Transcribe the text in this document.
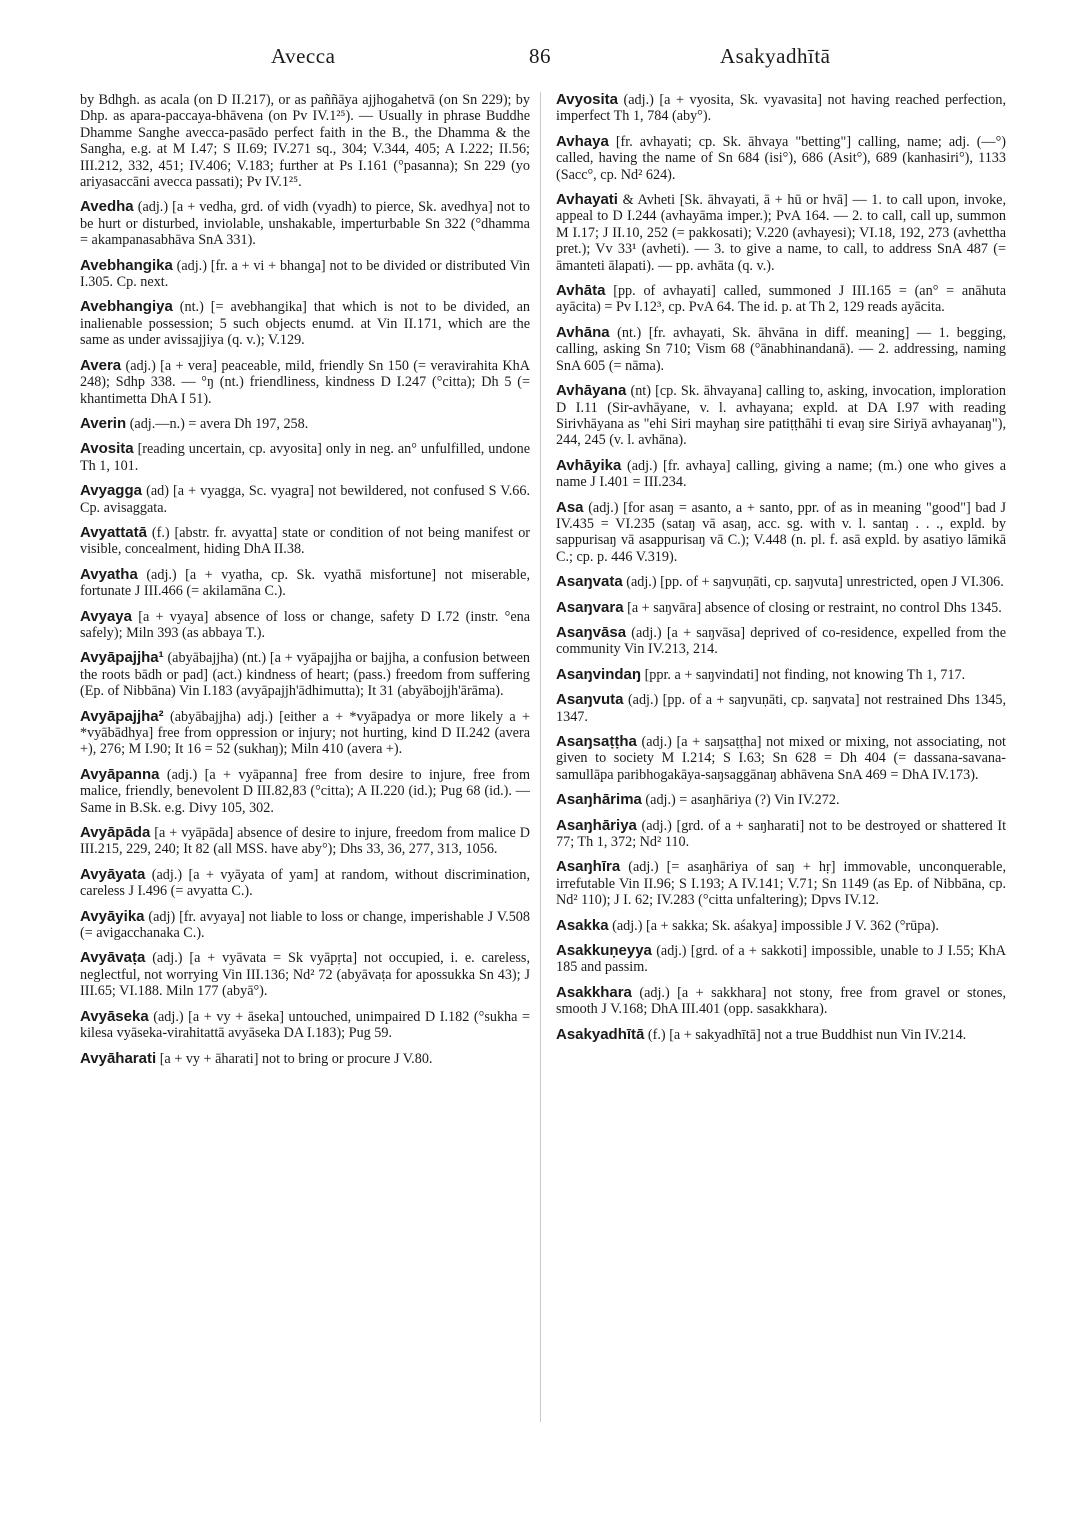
Avecca	86	Asakyadhītā

by Bdhgh. as acala (on D II.217), or as paññāya ajjhogahetvā (on Sn 229); by Dhp. as apara-paccaya-bhāvena (on Pv IV.1²⁵). — Usually in phrase Buddhe Dhamme Sanghe avecca-pasādo perfect faith in the B., the Dhamma & the Sangha, e.g. at M I.47; S II.69; IV.271 sq., 304; V.344, 405; A I.222; II.56; III.212, 332, 451; IV.406; V.183; further at Ps I.161 (°pasanna); Sn 229 (yo ariyasaccāni avecca passati); Pv IV.1²⁵.

Avedha (adj.) [a + vedha, grd. of vidh (vyadh) to pierce, Sk. avedhya] not to be hurt or disturbed, inviolable, unshakable, imperturbable Sn 322 (°dhamma = akampanasabhāva SnA 331).

Avebhangika (adj.) [fr. a + vi + bhanga] not to be divided or distributed Vin I.305. Cp. next.

Avebhangiya (nt.) [= avebhangika] that which is not to be divided, an inalienable possession; 5 such objects enumd. at Vin II.171, which are the same as under avissajjiya (q. v.); V.129.

Avera (adj.) [a + vera] peaceable, mild, friendly Sn 150 (= veravirahita KhA 248); Sdhp 338. — °ŋ (nt.) friendliness, kindness D I.247 (°citta); Dh 5 (= khantimetta DhA I 51).

Averin (adj.—n.) = avera Dh 197, 258.

Avosita [reading uncertain, cp. avyosita] only in neg. an° unfulfilled, undone Th 1, 101.

Avyagga (ad) [a + vyagga, Sc. vyagra] not bewildered, not confused S V.66. Cp. avisaggata.

Avyattatā (f.) [abstr. fr. avyatta] state or condition of not being manifest or visible, concealment, hiding DhA II.38.

Avyatha (adj.) [a + vyatha, cp. Sk. vyathā misfortune] not miserable, fortunate J III.466 (= akilamāna C.).

Avyaya [a + vyaya] absence of loss or change, safety D I.72 (instr. °ena safely); Miln 393 (as abbaya T.).

Avyāpajjha¹ (abyābajjha) (nt.) [a + vyāpajjha or bajjha, a confusion between the roots bādh or pad] (act.) kindness of heart; (pass.) freedom from suffering (Ep. of Nibbāna) Vin I.183 (avyāpajjh'ādhimutta); It 31 (abyābojjh'ārāma).

Avyāpajjha² (abyābajjha) adj.) [either a + *vyāpadya or more likely a + *vyābādhya] free from oppression or injury; not hurting, kind D II.242 (avera +), 276; M I.90; It 16 = 52 (sukhaŋ); Miln 410 (avera +).

Avyāpanna (adj.) [a + vyāpanna] free from desire to injure, free from malice, friendly, benevolent D III.82,83 (°citta); A II.220 (id.); Pug 68 (id.). — Same in B.Sk. e.g. Divy 105, 302.

Avyāpāda [a + vyāpāda] absence of desire to injure, freedom from malice D III.215, 229, 240; It 82 (all MSS. have aby°); Dhs 33, 36, 277, 313, 1056.

Avyāyata (adj.) [a + vyāyata of yam] at random, without discrimination, careless J I.496 (= avyatta C.).

Avyāyika (adj) [fr. avyaya] not liable to loss or change, imperishable J V.508 (= avigacchanaka C.).

Avyāvaṭa (adj.) [a + vyāvata = Sk vyāpṛta] not occupied, i. e. careless, neglectful, not worrying Vin III.136; Nd² 72 (abyāvaṭa for apossukka Sn 43); J III.65; VI.188. Miln 177 (abyā°).

Avyāseka (adj.) [a + vy + āseka] untouched, unimpaired D I.182 (°sukha = kilesa vyāseka-virahitattā avyāseka DA I.183); Pug 59.

Avyāharati [a + vy + āharati] not to bring or procure J V.80.

Avyosita (adj.) [a + vyosita, Sk. vyavasita] not having reached perfection, imperfect Th 1, 784 (aby°).

Avhaya [fr. avhayati; cp. Sk. āhvaya "betting"] calling, name; adj. (—°) called, having the name of Sn 684 (isi°), 686 (Asit°), 689 (kanhasiri°), 1133 (Sacc°, cp. Nd² 624).

Avhayati & Avheti [Sk. āhvayati, ā + hū or hvā] — 1. to call upon, invoke, appeal to D I.244 (avhayāma imper.); PvA 164. — 2. to call, call up, summon M I.17; J II.10, 252 (= pakkosati); V.220 (avhayesi); VI.18, 192, 273 (avhettha pret.); Vv 33¹ (avheti). — 3. to give a name, to call, to address SnA 487 (= āmanteti ālapati). — pp. avhāta (q. v.).

Avhāta [pp. of avhayati] called, summoned J III.165 = (an° = anāhuta ayācita) = Pv I.12³, cp. PvA 64. The id. p. at Th 2, 129 reads ayācita.

Avhāna (nt.) [fr. avhayati, Sk. āhvāna in diff. meaning] — 1. begging, calling, asking Sn 710; Vism 68 (°ānabhinandanā). — 2. addressing, naming SnA 605 (= nāma).

Avhāyana (nt) [cp. Sk. āhvayana] calling to, asking, invocation, imploration D I.11 (Sir-avhāyane, v. l. avhayana; expld. at DA I.97 with reading Sirivhāyana as "ehi Siri mayhaŋ sire patiṭṭhāhi ti evaŋ sire Siriyā avhayanaŋ"), 244, 245 (v. l. avhāna).

Avhāyika (adj.) [fr. avhaya] calling, giving a name; (m.) one who gives a name J I.401 = III.234.

Asa (adj.) [for asaŋ = asanto, a + santo, ppr. of as in meaning "good"] bad J IV.435 = VI.235 (sataŋ vā asaŋ, acc. sg. with v. l. santaŋ . . ., expld. by sappurisaŋ vā asappurisaŋ vā C.); V.448 (n. pl. f. asā expld. by asatiyo lāmikā C.; cp. p. 446 V.319).

Asaŋvata (adj.) [pp. of + saŋvuṇāti, cp. saŋvuta] unrestricted, open J VI.306.

Asaŋvara [a + saŋvāra] absence of closing or restraint, no control Dhs 1345.

Asaŋvāsa (adj.) [a + saŋvāsa] deprived of co-residence, expelled from the community Vin IV.213, 214.

Asaŋvindaŋ [ppr. a + saŋvindati] not finding, not knowing Th 1, 717.

Asaŋvuta (adj.) [pp. of a + saŋvuṇāti, cp. saŋvata] not restrained Dhs 1345, 1347.

Asaŋsaṭṭha (adj.) [a + saŋsaṭṭha] not mixed or mixing, not associating, not given to society M I.214; S I.63; Sn 628 = Dh 404 (= dassana-savana-samullāpa paribhogakāya-saŋsaggānaŋ abhāvena SnA 469 = DhA IV.173).

Asaŋhārima (adj.) = asaŋhāriya (?) Vin IV.272.

Asaŋhāriya (adj.) [grd. of a + saŋharati] not to be destroyed or shattered It 77; Th 1, 372; Nd² 110.

Asaŋhīra (adj.) [= asaŋhāriya of saŋ + hṛ] immovable, unconquerable, irrefutable Vin II.96; S I.193; A IV.141; V.71; Sn 1149 (as Ep. of Nibbāna, cp. Nd² 110); J I. 62; IV.283 (°citta unfaltering); Dpvs IV.12.

Asakka (adj.) [a + sakka; Sk. aśakya] impossible J V. 362 (°rūpa).

Asakkuṇeyya (adj.) [grd. of a + sakkoti] impossible, unable to J I.55; KhA 185 and passim.

Asakkhara (adj.) [a + sakkhara] not stony, free from gravel or stones, smooth J V.168; DhA III.401 (opp. sasakkhara).

Asakyadhītā (f.) [a + sakyadhītā] not a true Buddhist nun Vin IV.214.
